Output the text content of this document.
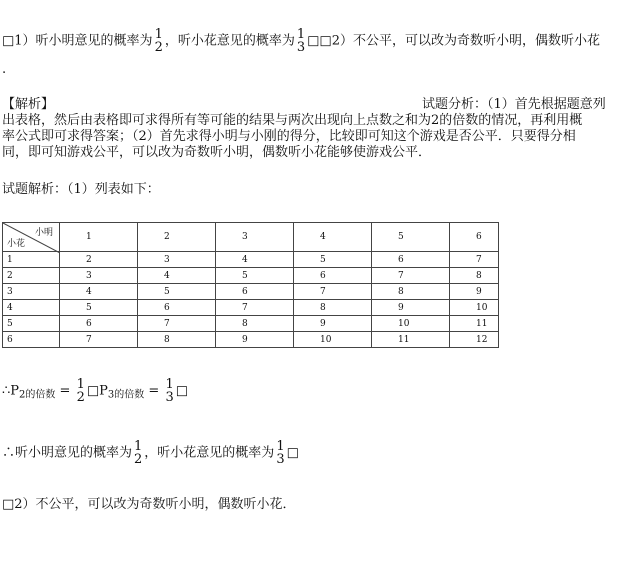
□1）听小明意见的概率为 1
2 ，听小花意见的概率为 1
3 □□2）不公平，可以改为奇数听小明，偶数听小花
.
【解析】	试题分析：（1）首先根据题意列
出表格，然后由表格即可求得所有等可能的结果与两次出现向上点数之和为2的倍数的情况，再利用概
率公式即可求得答案；（2）首先求得小明与小刚的得分，比较即可知这个游戏是否公平．只要得分相
同，即可知游戏公平，可以改为奇数听小明，偶数听小花能够使游戏公平．
试题解析：（1）列表如下：
小明
小花	1	2	3	4	5	6
1	2	3	4	5	6	7
2	3	4	5	6	7	8
3	4	5	6	7	8	9
4	5	6	7	8	9	10
5	6	7	8	9	10	11
6	7	8	9	10	11	12
$\therefore P_{2的倍数} = 1$
2 $□P_{3的倍数} = 1$
3 □
∴听小明意见的概率为 1
2 ，听小花意见的概率为 1
3 □
□2）不公平，可以改为奇数听小明，偶数听小花．
